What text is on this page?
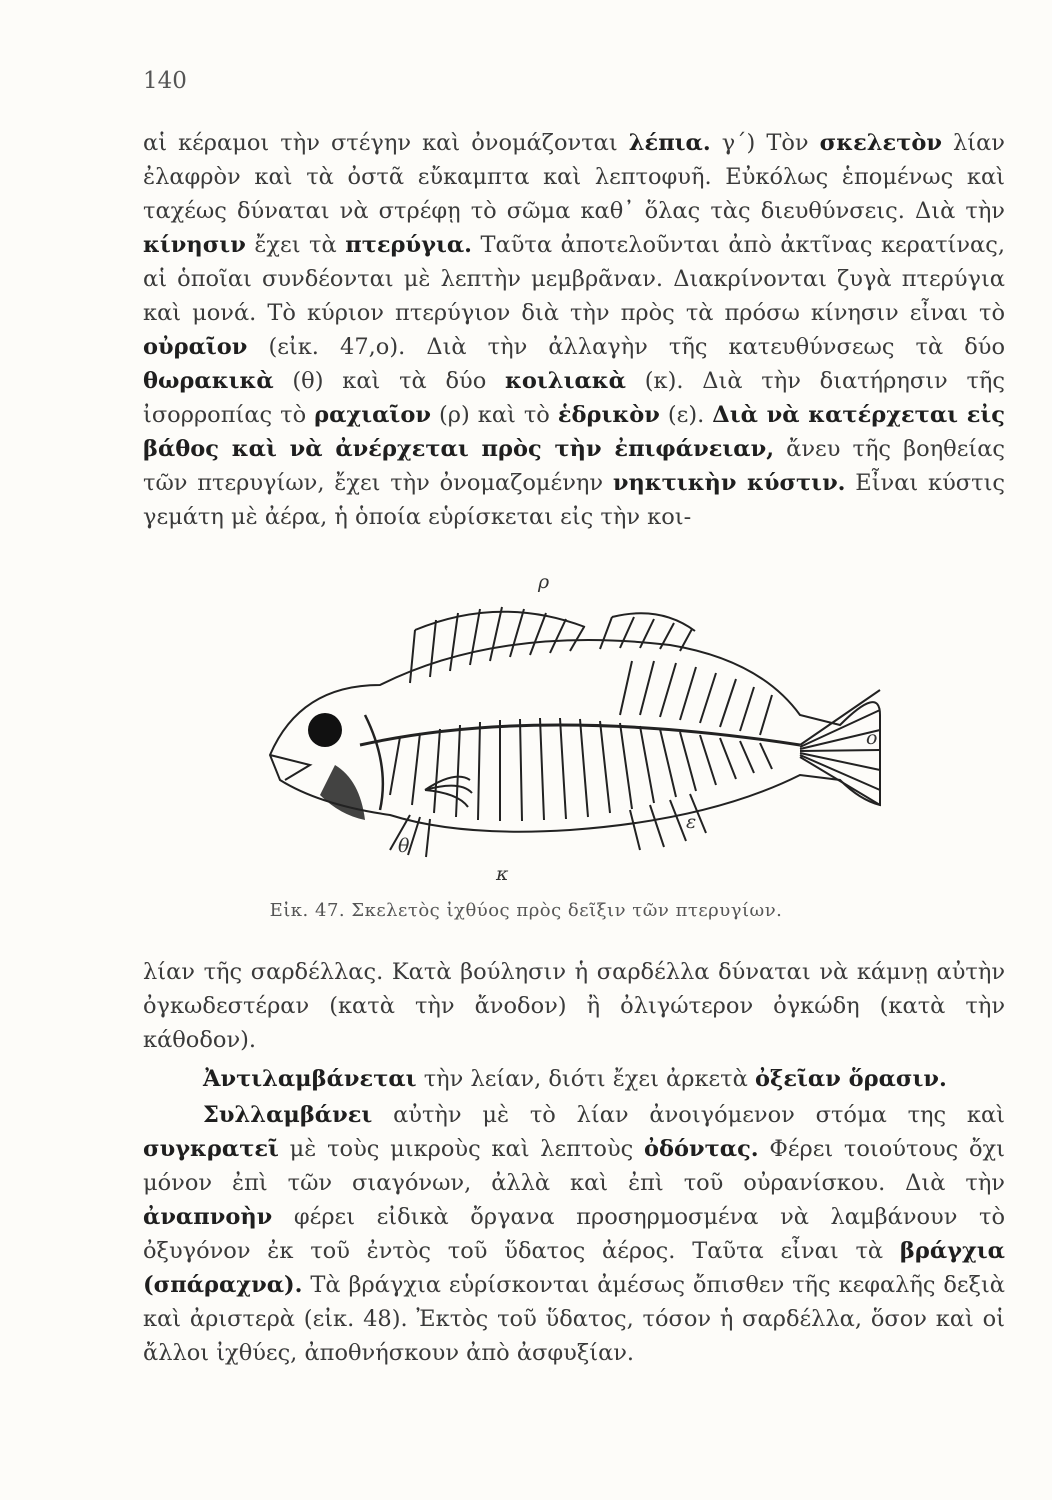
140
αἱ κέραμοι τὴν στέγην καὶ ὀνομάζονται λέπια. γ΄) Τὸν σκελετὸν λίαν ἐλαφρὸν καὶ τὰ ὀστᾶ εὔκαμπτα καὶ λεπτοφυῆ. Εὐκόλως ἑπομένως καὶ ταχέως δύναται νὰ στρέφῃ τὸ σῶμα καθ᾽ ὅλας τὰς διευθύνσεις. Διὰ τὴν κίνησιν ἔχει τὰ πτερύγια. Ταῦτα ἀποτελοῦνται ἀπὸ ἀκτῖνας κερατίνας, αἱ ὁποῖαι συνδέονται μὲ λεπτὴν μεμβρᾶναν. Διακρίνονται ζυγὰ πτερύγια καὶ μονά. Τὸ κύριον πτερύγιον διὰ τὴν πρὸς τὰ πρόσω κίνησιν εἶναι τὸ οὐραῖον (εἰκ. 47,ο). Διὰ τὴν ἀλλαγὴν τῆς κατευθύνσεως τὰ δύο θωρακικὰ (θ) καὶ τὰ δύο κοιλιακὰ (κ). Διὰ τὴν διατήρησιν τῆς ἰσορροπίας τὸ ραχιαῖον (ρ) καὶ τὸ ἑδρικὸν (ε). Διὰ νὰ κατέρχεται εἰς βάθος καὶ νὰ ἀνέρχεται πρὸς τὴν ἐπιφάνειαν, ἄνευ τῆς βοηθείας τῶν πτερυγίων, ἔχει τὴν ὀνομαζομένην νηκτικὴν κύστιν. Εἶναι κύστις γεμάτη μὲ ἀέρα, ἡ ὁποία εὑρίσκεται εἰς τὴν κοι-
ρ
ο
ε
θ
κ
Εἰκ. 47. Σκελετὸς ἰχθύος πρὸς δεῖξιν τῶν πτερυγίων.
λίαν τῆς σαρδέλλας. Κατὰ βούλησιν ἡ σαρδέλλα δύναται νὰ κάμνῃ αὐτὴν ὀγκωδεστέραν (κατὰ τὴν ἄνοδον) ἢ ὀλιγώτερον ὀγκώδη (κατὰ τὴν κάθοδον).
Ἀντιλαμβάνεται τὴν λείαν, διότι ἔχει ἀρκετὰ ὀξεῖαν ὅρασιν.
Συλλαμβάνει αὐτὴν μὲ τὸ λίαν ἀνοιγόμενον στόμα της καὶ συγκρατεῖ μὲ τοὺς μικροὺς καὶ λεπτοὺς ὀδόντας. Φέρει τοιούτους ὄχι μόνον ἐπὶ τῶν σιαγόνων, ἀλλὰ καὶ ἐπὶ τοῦ οὐρανίσκου. Διὰ τὴν ἀναπνοὴν φέρει εἰδικὰ ὄργανα προσηρμοσμένα νὰ λαμβάνουν τὸ ὀξυγόνον ἐκ τοῦ ἐντὸς τοῦ ὕδατος ἀέρος. Ταῦτα εἶναι τὰ βράγχια (σπάραχνα). Τὰ βράγχια εὑρίσκονται ἀμέσως ὄπισθεν τῆς κεφαλῆς δεξιὰ καὶ ἀριστερὰ (εἰκ. 48). Ἐκτὸς τοῦ ὕδατος, τόσον ἡ σαρδέλλα, ὅσον καὶ οἱ ἄλλοι ἰχθύες, ἀποθνήσκουν ἀπὸ ἀσφυξίαν.
